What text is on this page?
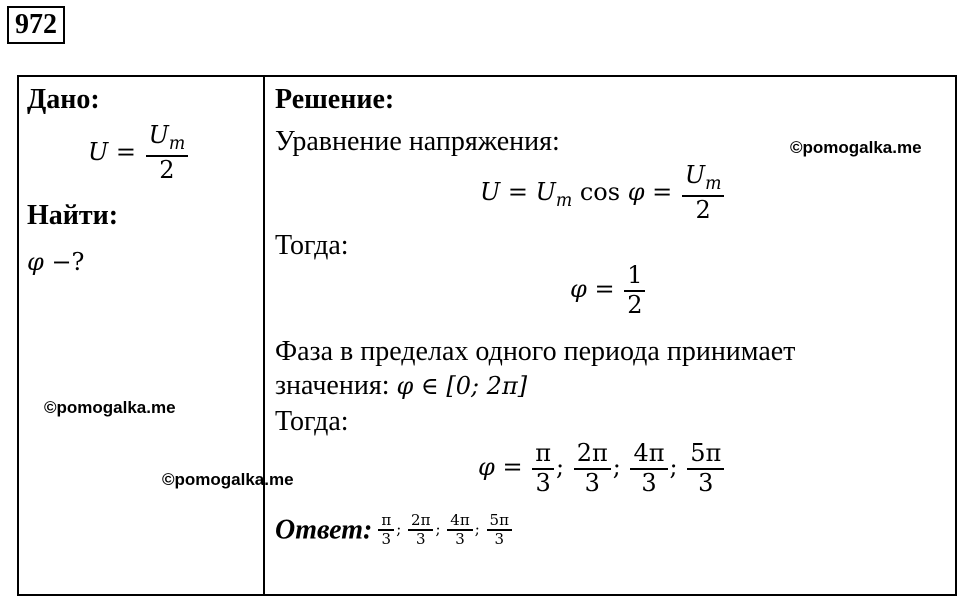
972
Дано:
$U = \frac{U_m}{2}$
Найти:
φ −?
©pomogalka.me
©pomogalka.me
Решение:
Уравнение напряжения:	©pomogalka.me
$U = U_m$ $\cos \varphi = \frac{U_m}{2}$
Тогда:
$\varphi = \frac{1}{2}$
Фаза в пределах одного периода принимает
значения: φ ∈ [0; 2π]
Тогда:
$\varphi = \frac{\pi}{3}$ ; $\frac{2\pi}{3}$ ; $\frac{4\pi}{3}$ ; $\frac{5\pi}{3}$
Ответ: $\frac{\pi}{3}$ ; $\frac{2\pi}{3}$ ; $\frac{4\pi}{3}$ ; $\frac{5\pi}{3}$
